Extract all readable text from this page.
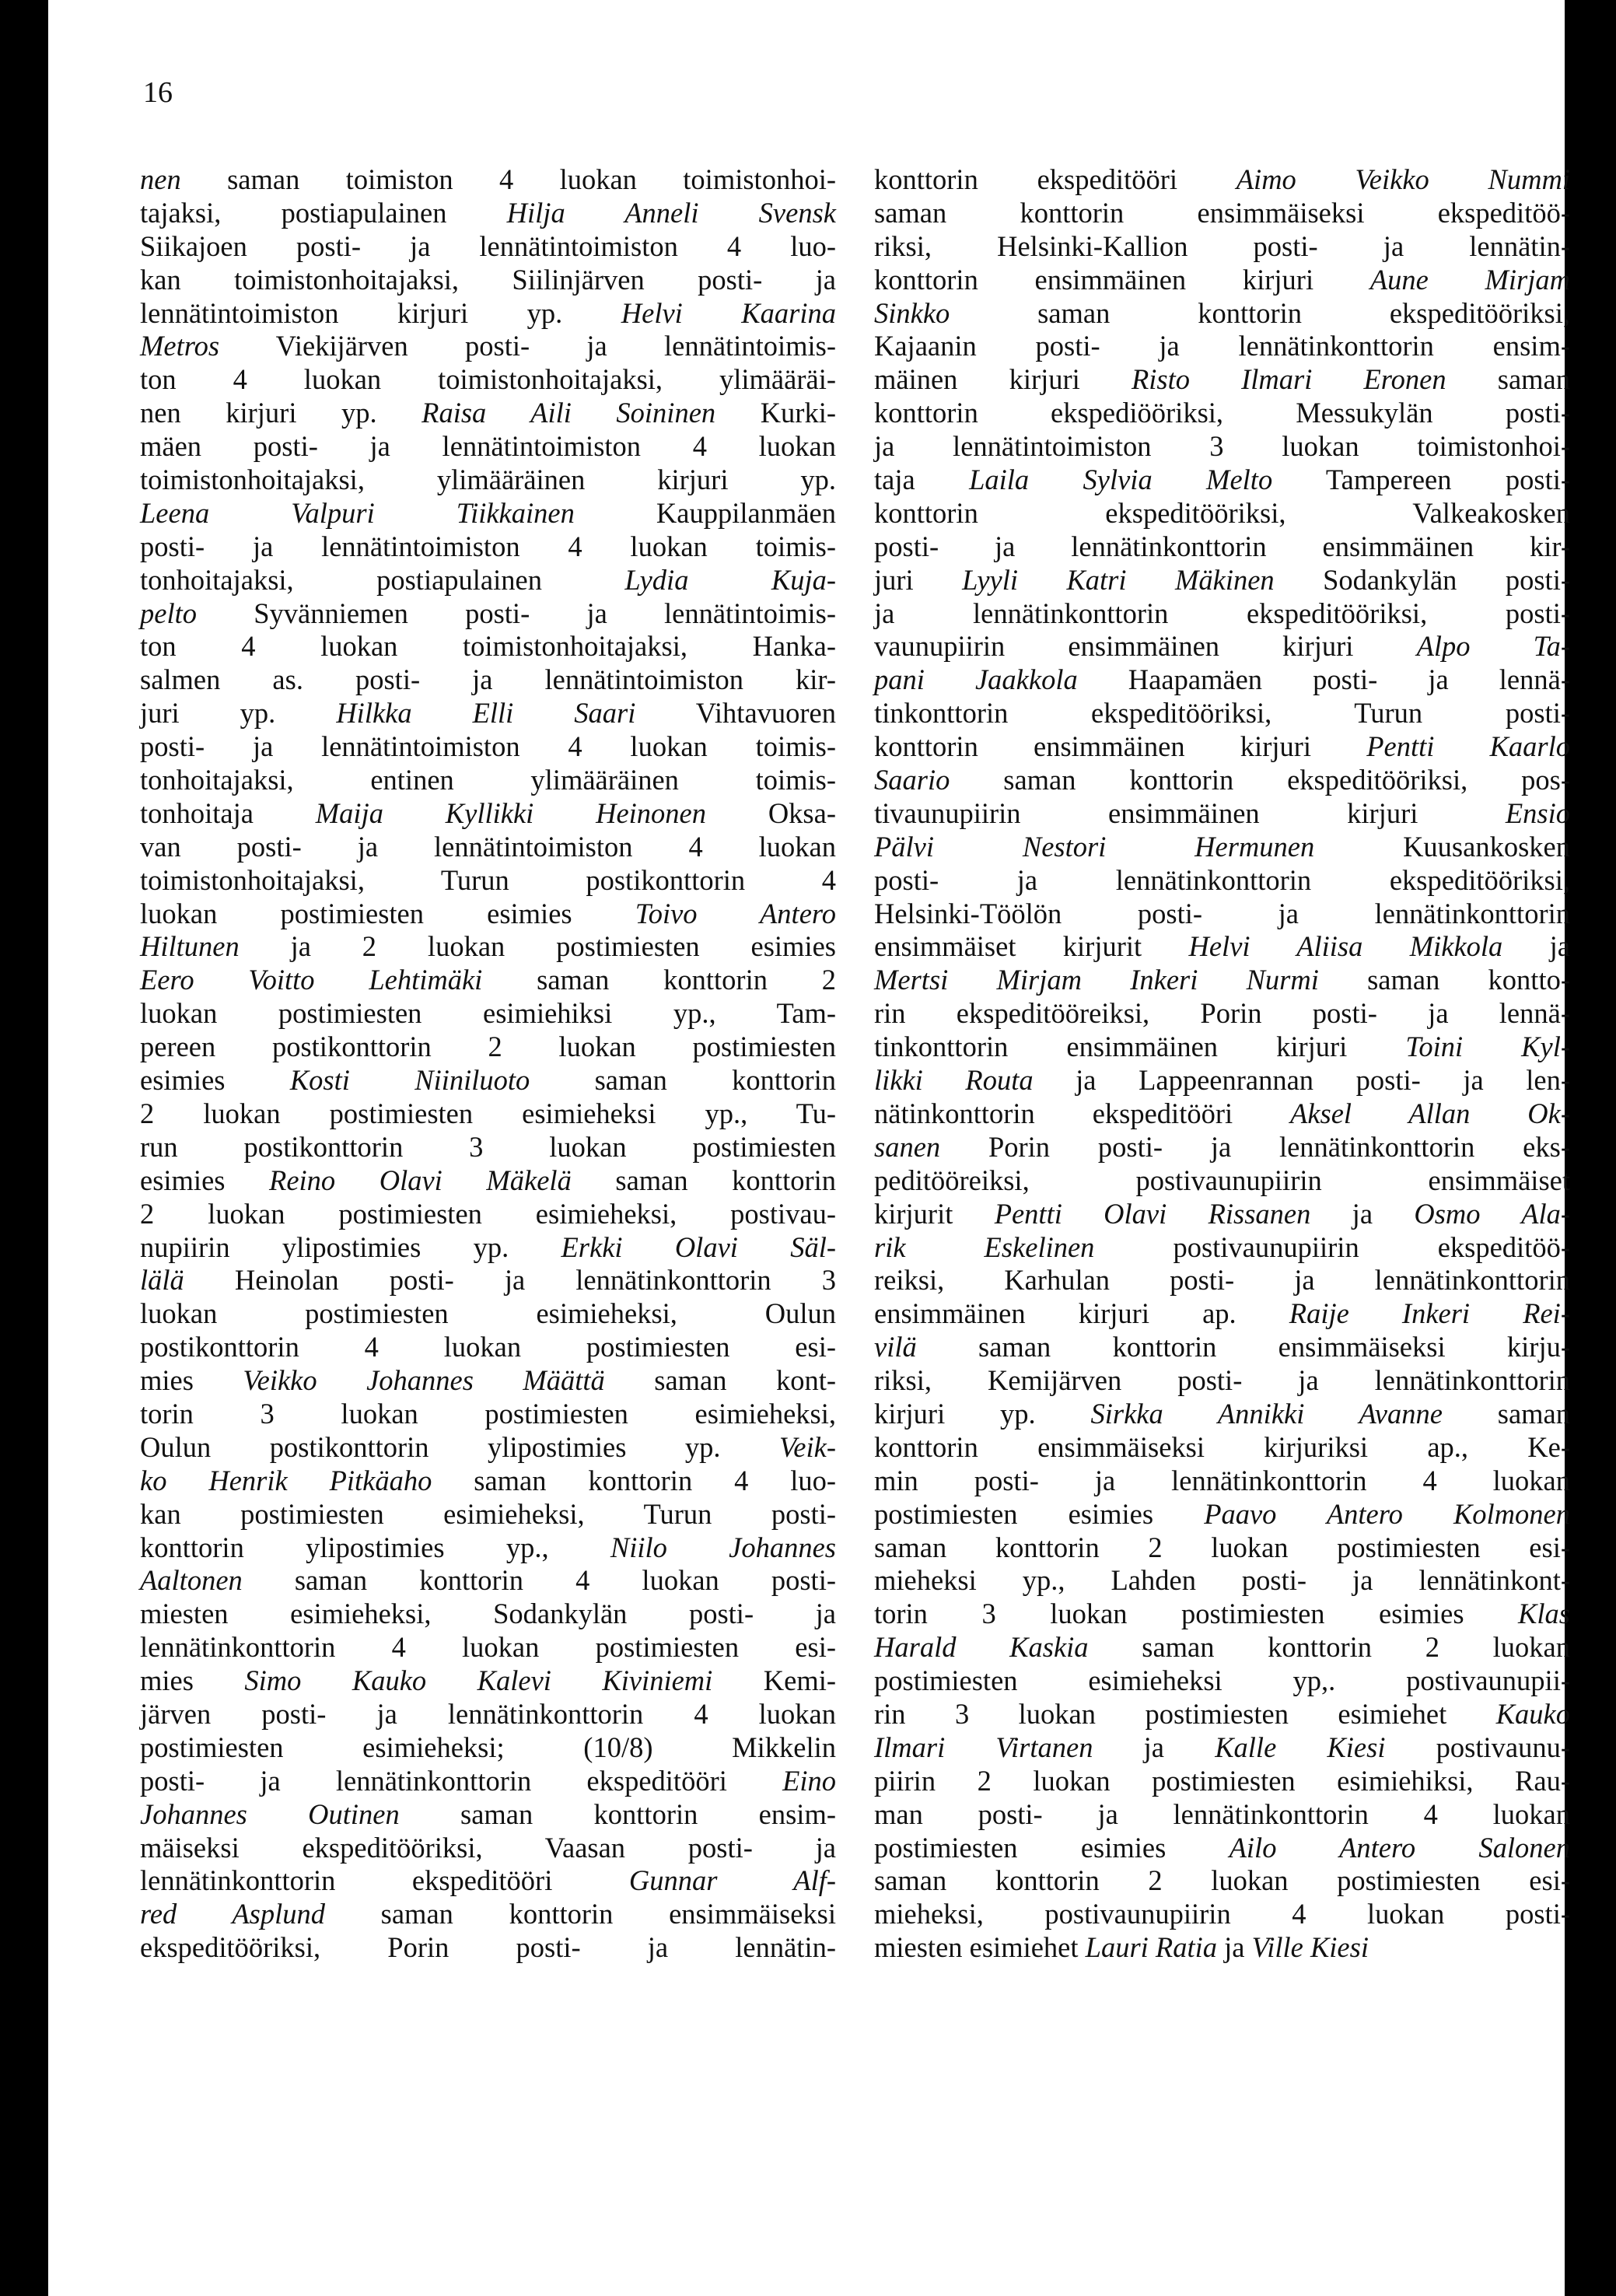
16
nen saman toimiston 4 luokan toimistonhoi-
tajaksi, postiapulainen Hilja Anneli Svensk
Siikajoen posti- ja lennätintoimiston 4 luo-
kan toimistonhoitajaksi, Siilinjärven posti- ja
lennätintoimiston kirjuri yp. Helvi Kaarina
Metros Viekijärven posti- ja lennätintoimis-
ton 4 luokan toimistonhoitajaksi, ylimääräi-
nen kirjuri yp. Raisa Aili Soininen Kurki-
mäen posti- ja lennätintoimiston 4 luokan
toimistonhoitajaksi, ylimääräinen kirjuri yp.
Leena Valpuri Tiikkainen Kauppilanmäen
posti- ja lennätintoimiston 4 luokan toimis-
tonhoitajaksi, postiapulainen Lydia Kuja-
pelto Syvänniemen posti- ja lennätintoimis-
ton 4 luokan toimistonhoitajaksi, Hanka-
salmen as. posti- ja lennätintoimiston kir-
juri yp. Hilkka Elli Saari Vihtavuoren
posti- ja lennätintoimiston 4 luokan toimis-
tonhoitajaksi, entinen ylimääräinen toimis-
tonhoitaja Maija Kyllikki Heinonen Oksa-
van posti- ja lennätintoimiston 4 luokan
toimistonhoitajaksi, Turun postikonttorin 4
luokan postimiesten esimies Toivo Antero
Hiltunen ja 2 luokan postimiesten esimies
Eero Voitto Lehtimäki saman konttorin 2
luokan postimiesten esimiehiksi yp., Tam-
pereen postikonttorin 2 luokan postimiesten
esimies Kosti Niiniluoto saman konttorin
2 luokan postimiesten esimieheksi yp., Tu-
run postikonttorin 3 luokan postimiesten
esimies Reino Olavi Mäkelä saman konttorin
2 luokan postimiesten esimieheksi, postivau-
nupiirin ylipostimies yp. Erkki Olavi Säl-
lälä Heinolan posti- ja lennätinkonttorin 3
luokan postimiesten esimieheksi, Oulun
postikonttorin 4 luokan postimiesten esi-
mies Veikko Johannes Määttä saman kont-
torin 3 luokan postimiesten esimieheksi,
Oulun postikonttorin ylipostimies yp. Veik-
ko Henrik Pitkäaho saman konttorin 4 luo-
kan postimiesten esimieheksi, Turun posti-
konttorin ylipostimies yp., Niilo Johannes
Aaltonen saman konttorin 4 luokan posti-
miesten esimieheksi, Sodankylän posti- ja
lennätinkonttorin 4 luokan postimiesten esi-
mies Simo Kauko Kalevi Kiviniemi Kemi-
järven posti- ja lennätinkonttorin 4 luokan
postimiesten esimieheksi; (10/8) Mikkelin
posti- ja lennätinkonttorin ekspeditööri Eino
Johannes Outinen saman konttorin ensim-
mäiseksi ekspeditööriksi, Vaasan posti- ja
lennätinkonttorin ekspeditööri Gunnar Alf-
red Asplund saman konttorin ensimmäiseksi
ekspeditööriksi, Porin posti- ja lennätin-
konttorin ekspeditööri Aimo Veikko Nummi
saman konttorin ensimmäiseksi ekspeditöö-
riksi, Helsinki-Kallion posti- ja lennätin-
konttorin ensimmäinen kirjuri Aune Mirjam
Sinkko saman konttorin ekspeditööriksi,
Kajaanin posti- ja lennätinkonttorin ensim-
mäinen kirjuri Risto Ilmari Eronen saman
konttorin ekspediööriksi, Messukylän posti-
ja lennätintoimiston 3 luokan toimistonhoi-
taja Laila Sylvia Melto Tampereen posti-
konttorin ekspeditööriksi, Valkeakosken
posti- ja lennätinkonttorin ensimmäinen kir-
juri Lyyli Katri Mäkinen Sodankylän posti-
ja lennätinkonttorin ekspeditööriksi, posti-
vaunupiirin ensimmäinen kirjuri Alpo Ta-
pani Jaakkola Haapamäen posti- ja lennä-
tinkonttorin ekspeditööriksi, Turun posti-
konttorin ensimmäinen kirjuri Pentti Kaarlo
Saario saman konttorin ekspeditööriksi, pos-
tivaunupiirin ensimmäinen kirjuri Ensio
Pälvi Nestori Hermunen Kuusankosken
posti- ja lennätinkonttorin ekspeditööriksi,
Helsinki-Töölön posti- ja lennätinkonttorin
ensimmäiset kirjurit Helvi Aliisa Mikkola ja
Mertsi Mirjam Inkeri Nurmi saman kontto-
rin ekspeditööreiksi, Porin posti- ja lennä-
tinkonttorin ensimmäinen kirjuri Toini Kyl-
likki Routa ja Lappeenrannan posti- ja len-
nätinkonttorin ekspeditööri Aksel Allan Ok-
sanen Porin posti- ja lennätinkonttorin eks-
peditööreiksi, postivaunupiirin ensimmäiset
kirjurit Pentti Olavi Rissanen ja Osmo Ala-
rik Eskelinen postivaunupiirin ekspeditöö-
reiksi, Karhulan posti- ja lennätinkonttorin
ensimmäinen kirjuri ap. Raije Inkeri Rei-
vilä saman konttorin ensimmäiseksi kirju-
riksi, Kemijärven posti- ja lennätinkonttorin
kirjuri yp. Sirkka Annikki Avanne saman
konttorin ensimmäiseksi kirjuriksi ap., Ke-
min posti- ja lennätinkonttorin 4 luokan
postimiesten esimies Paavo Antero Kolmonen
saman konttorin 2 luokan postimiesten esi-
mieheksi yp., Lahden posti- ja lennätinkont-
torin 3 luokan postimiesten esimies Klas
Harald Kaskia saman konttorin 2 luokan
postimiesten esimieheksi yp,. postivaunupii-
rin 3 luokan postimiesten esimiehet Kauko
Ilmari Virtanen ja Kalle Kiesi postivaunu-
piirin 2 luokan postimiesten esimiehiksi, Rau-
man posti- ja lennätinkonttorin 4 luokan
postimiesten esimies Ailo Antero Salonen
saman konttorin 2 luokan postimiesten esi-
mieheksi, postivaunupiirin 4 luokan posti-
miesten esimiehet Lauri Ratia ja Ville Kiesi
